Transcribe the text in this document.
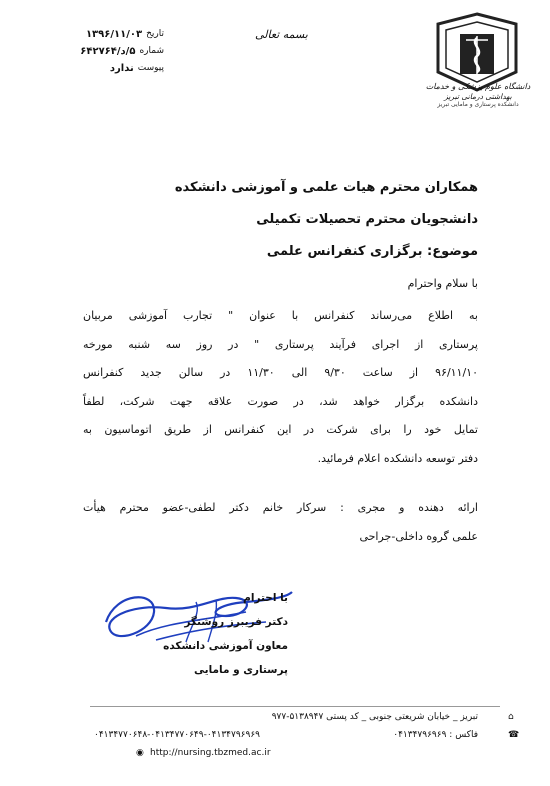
دانشگاه علوم پزشکی و خدمات
بهداشتی درمانی تبریز
دانشکده پرستاری و مامایی تبریز
بسمه تعالی
تاریخ
۱۳۹۶/۱۱/۰۳
شماره
۵/د/۶۴۲۷۶۴
پیوست
ندارد
همکاران محترم هیات علمی و آموزشی دانشکده
دانشجویان محترم تحصیلات تکمیلی
موضوع: برگزاری کنفرانس علمی
با سلام واحترام
به اطلاع می‌رساند کنفرانس با عنوان " تجارب آموزشی مربیان
پرستاری از اجرای فرآیند پرستاری " در روز سه شنبه مورخه
۹۶/۱۱/۱۰ از ساعت ۹/۳۰ الی ۱۱/۳۰ در سالن جدید کنفرانس
دانشکده برگزار خواهد شد، در صورت علاقه جهت شرکت، لطفاً
تمایل خود را برای شرکت در این کنفرانس از طریق اتوماسیون به
دفتر توسعه دانشکده اعلام فرمائید.
ارائه دهنده و مجری : سرکار خانم دکتر لطفی-عضو محترم هیأت
علمی گروه داخلی-جراحی
با احترام
دکتر فریبرز روشنگر
معاون آموزشی دانشکده
پرستاری و مامایی
تبریز _ خیابان شریعتی جنوبی _ کد پستی ۵۱۳۸۹۴۷-۹۷۷	⌂
فاکس : ۰۴۱۳۴۷۹۶۹۶۹
۰۴۱۳۴۷۷۰۶۴۸-۰۴۱۳۴۷۷۰۶۴۹-۰۴۱۳۴۷۹۶۹۶۹	☎
http://nursing.tbzmed.ac.ir
◉
